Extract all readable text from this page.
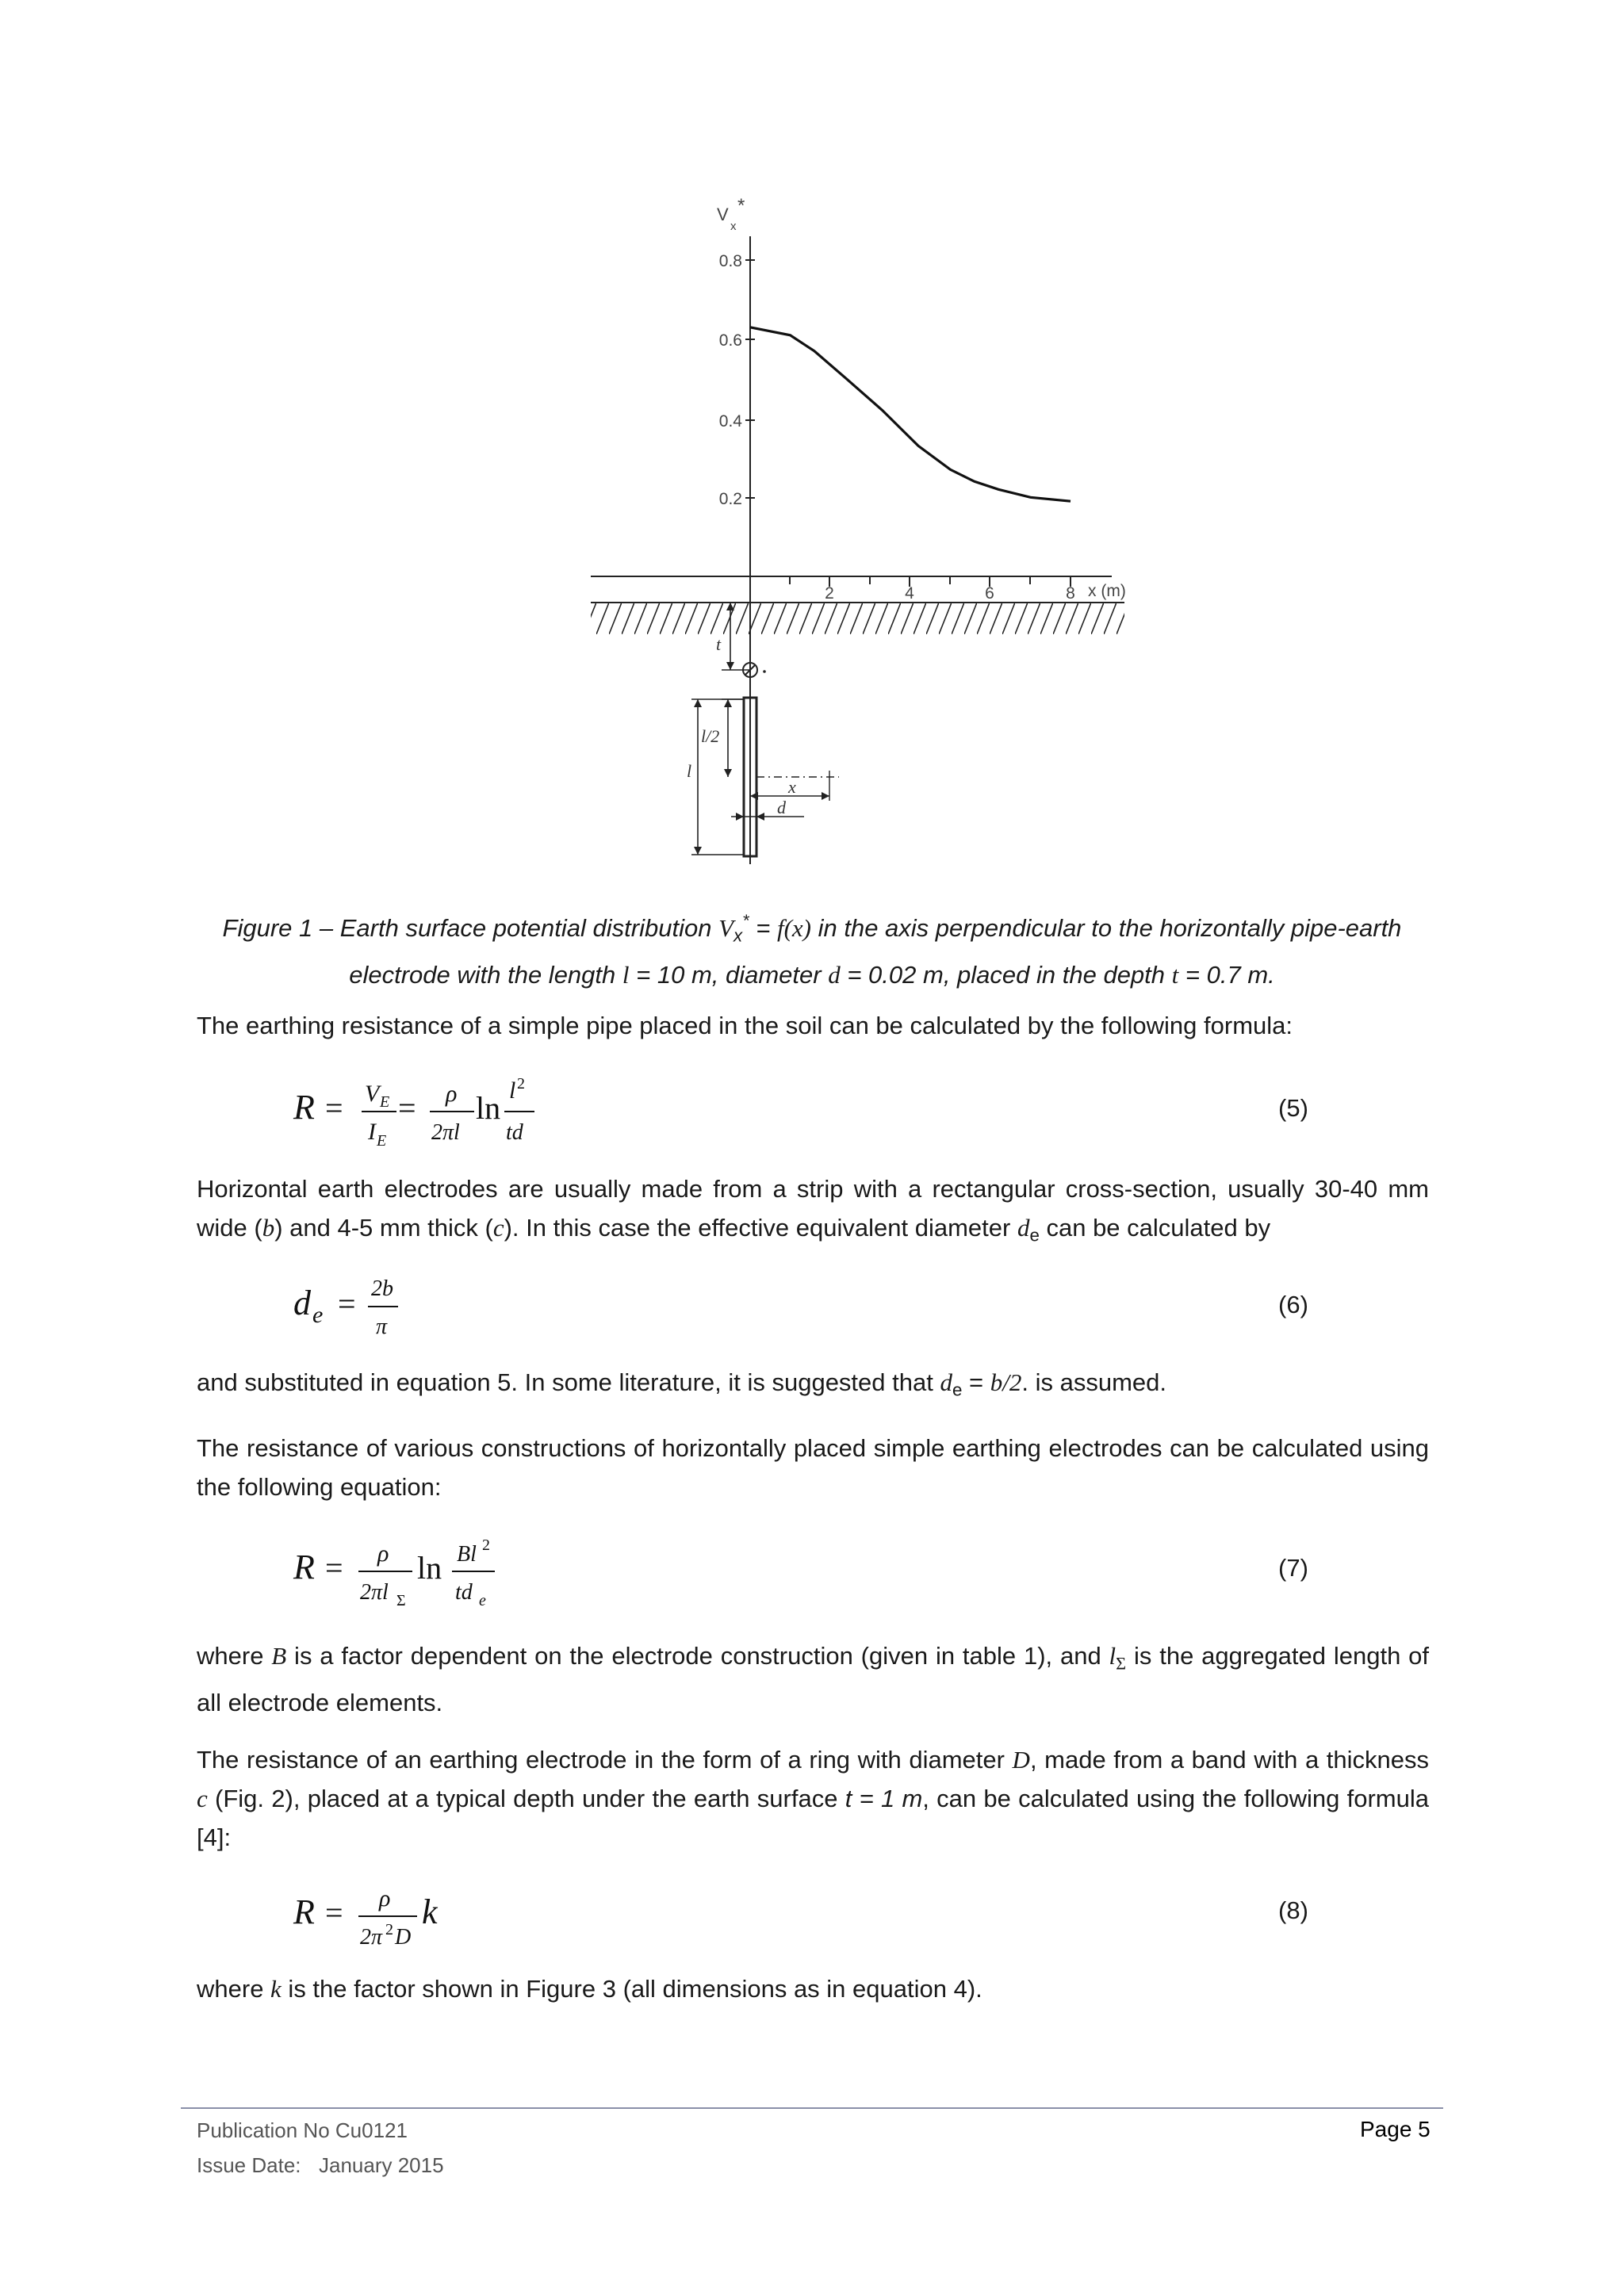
V
x
*
0.8
0.6
0.4
0.2
2	4	6	8 x (m)
t
l/2
l
x
d
Figure 1 – Earth surface potential distribution $V_x^* = f(x)$ in the axis perpendicular to the horizontally pipe-earth
electrode with the length l = 10 m, diameter d = 0.02 m, placed in the depth t = 0.7 m.
The earthing resistance of a simple pipe placed in the soil can be calculated by the following formula:
R = V E
I E
= ρ
2πl
ln l 2
td
(5)
Horizontal earth electrodes are usually made from a strip with a rectangular cross-section, usually 30-40 mm wide (b) and 4-5 mm thick (c). In this case the effective equivalent diameter $d_e$ can be calculated by
d e = 2b
π
(6)
and substituted in equation 5. In some literature, it is suggested that $d_e = b/2$. is assumed.
The resistance of various constructions of horizontally placed simple earthing electrodes can be calculated using the following equation:
R = ρ
2πl Σ
ln Bl 2
td e
(7)
where B is a factor dependent on the electrode construction (given in table 1), and $l_\Sigma$ is the aggregated length of all electrode elements.
The resistance of an earthing electrode in the form of a ring with diameter D, made from a band with a thickness c (Fig. 2), placed at a typical depth under the earth surface t = 1 m, can be calculated using the following formula [4]:
R = ρ
2π 2 D
k	(8)
where k is the factor shown in Figure 3 (all dimensions as in equation 4).
Publication No Cu0121
Issue Date: January 2015
Page 5
